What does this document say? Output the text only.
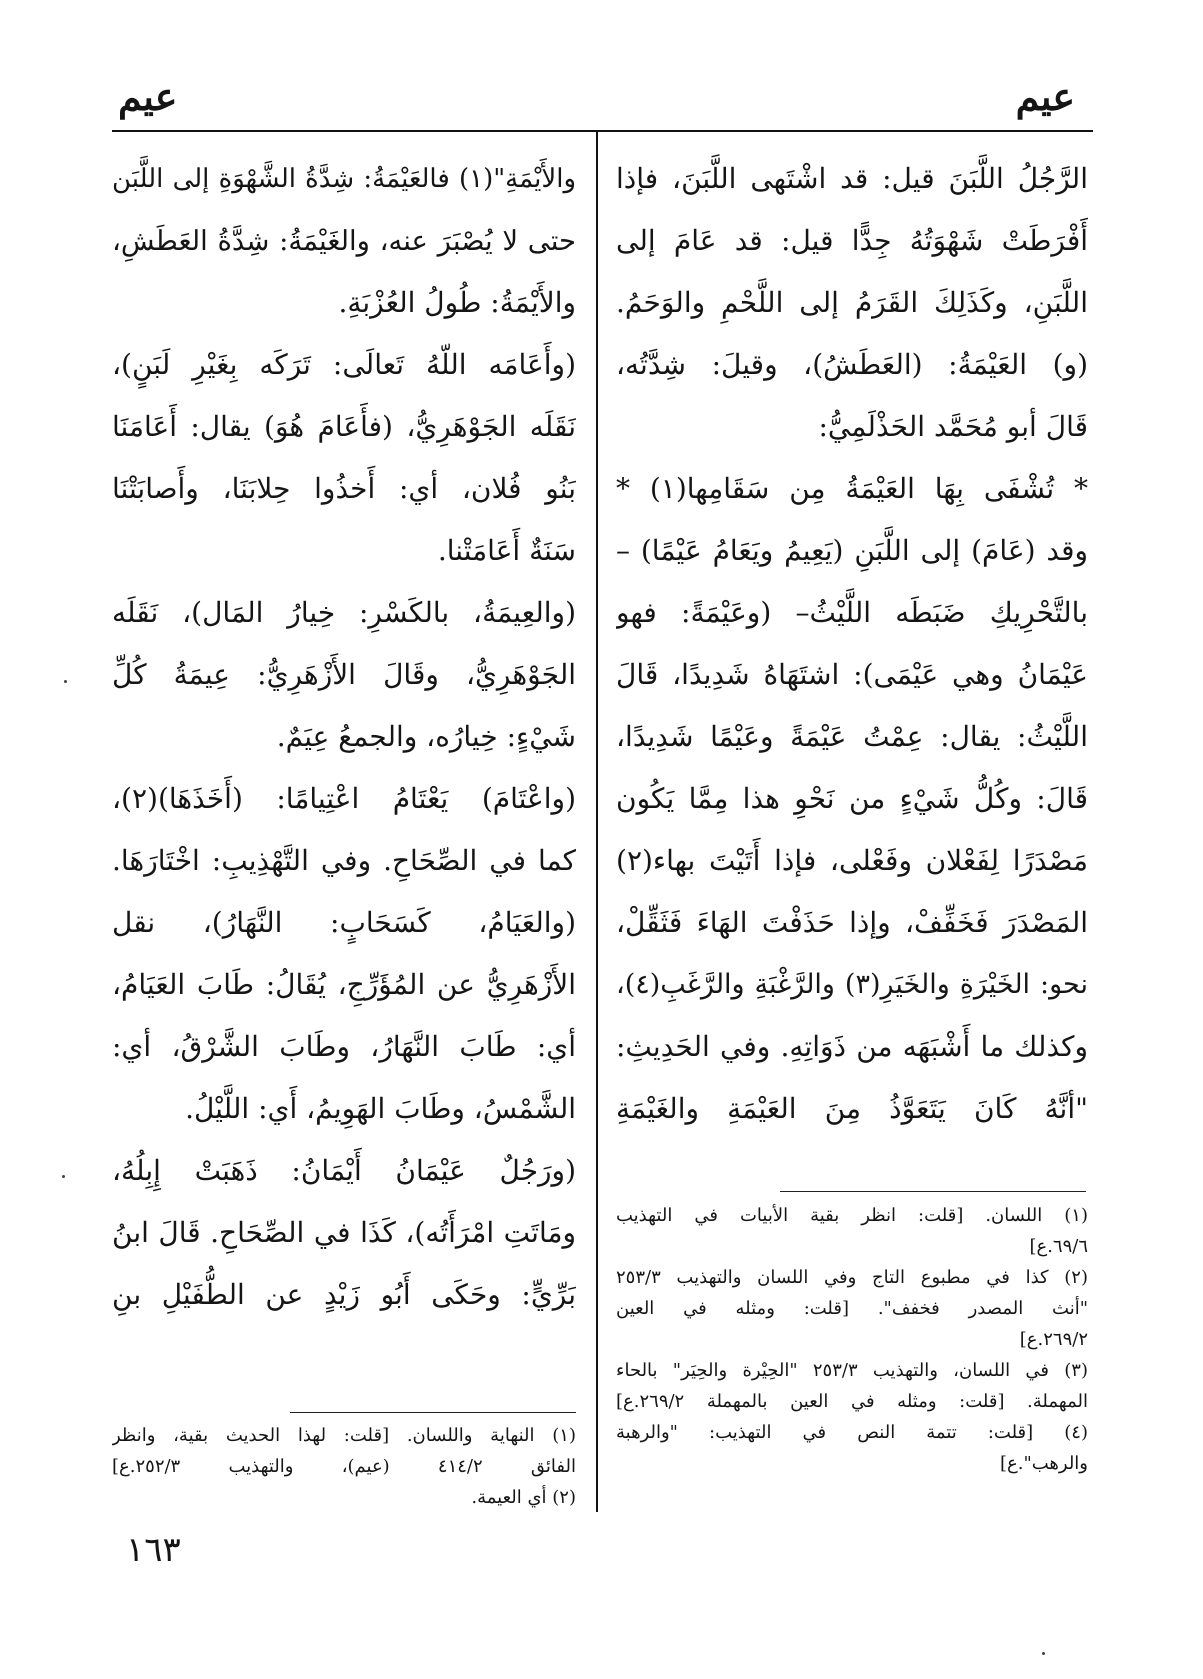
عيم
عيم
الرَّجُلُ اللَّبَنَ قيل: قد اشْتَهى اللَّبَنَ، فإذا
أَفْرَطَتْ شَهْوَتُهُ جِدًّا قيل: قد عَامَ إلى
اللَّبَنِ، وكَذَلِكَ القَرَمُ إلى اللَّحْمِ والوَحَمُ.
(و) العَيْمَةُ: (العَطَشُ)، وقيلَ: شِدَّتُه،
قَالَ أبو مُحَمَّد الحَذْلَمِيُّ:
* تُشْفَى بِهَا العَيْمَةُ مِن سَقَامِها(١) *
وقد (عَامَ) إلى اللَّبَنِ (يَعِيمُ ويَعَامُ عَيْمًا) –
بالتَّحْرِيكِ ضَبَطَه اللَّيْثُ– (وعَيْمَةً: فهو
عَيْمَانُ وهي عَيْمَى): اشتَهَاهُ شَدِيدًا، قَالَ
اللَّيْثُ: يقال: عِمْتُ عَيْمَةً وعَيْمًا شَدِيدًا،
قَالَ: وكُلُّ شَيْءٍ من نَحْوِ هذا مِمَّا يَكُون
مَصْدَرًا لِفَعْلان وفَعْلى، فإذا أَتَيْتَ بهاء(٢)
المَصْدَرَ فَخَفِّفْ، وإذا حَذَفْتَ الهَاءَ فَثَقِّلْ،
نحو: الخَيْرَةِ والخَيَرِ(٣) والرَّغْبَةِ والرَّغَبِ(٤)،
وكذلك ما أَشْبَهَه من ذَوَاتِهِ. وفي الحَدِيثِ:
"أنَّهُ كَانَ يَتَعَوَّذُ مِنَ العَيْمَةِ والغَيْمَةِ
(١) اللسان. [قلت: انظر بقية الأبيات في التهذيب
٦٩/٦.ع]
(٢) كذا في مطبوع التاج وفي اللسان والتهذيب ٢٥٣/٣
"أنث المصدر فخفف". [قلت: ومثله في العين
٢٦٩/٢.ع]
(٣) في اللسان، والتهذيب ٢٥٣/٣ "الحِيْرة والحِيَر" بالحاء
المهملة. [قلت: ومثله في العين بالمهملة ٢٦٩/٢.ع]
(٤) [قلت: تتمة النص في التهذيب: "والرهبة
والرهب".ع]
والأَيْمَةِ"(١) فالعَيْمَةُ: شِدَّةُ الشَّهْوَةِ إلى اللَّبَن
حتى لا يُصْبَرَ عنه، والغَيْمَةُ: شِدَّةُ العَطَشِ،
والأَيْمَةُ: طُولُ العُزْبَةِ.
(وأَعَامَه اللّهُ تَعالَى: تَرَكَه بِغَيْرِ لَبَنٍ)،
نَقَلَه الجَوْهَرِيُّ، (فأَعَامَ هُوَ) يقال: أَعَامَنَا
بَنُو فُلان، أي: أَخذُوا حِلابَنَا، وأَصابَتْنَا
سَنَةٌ أَعَامَتْنا.
(والعِيمَةُ، بالكَسْرِ: خِيارُ المَال)، نَقَلَه
الجَوْهَرِيُّ، وقَالَ الأَزْهَرِيُّ: عِيمَةُ كُلِّ
شَيْءٍ: خِيارُه، والجمعُ عِيَمٌ.
(واعْتَامَ) يَعْتَامُ اعْتِيامًا: (أَخَذَهَا)(٢)،
كما في الصِّحَاحِ. وفي التَّهْذِيبِ: اخْتَارَهَا.
(والعَيَامُ، كَسَحَابٍ: النَّهَارُ)، نقل
الأَزْهَرِيُّ عن المُؤَرِّجِ، يُقَالُ: طَابَ العَيَامُ،
أي: طَابَ النَّهَارُ، وطَابَ الشَّرْقُ، أي:
الشَّمْسُ، وطَابَ الهَوِيمُ، أَي: اللَّيْلُ.
(ورَجُلٌ عَيْمَانُ أَيْمَانُ: ذَهَبَتْ إِبِلُهُ،
ومَاتَتِ امْرَأَتُه)، كَذَا في الصِّحَاحِ. قَالَ ابنُ
بَرِّيٍّ: وحَكَى أَبُو زَيْدٍ عن الطُّفَيْلِ بنِ
(١) النهاية واللسان. [قلت: لهذا الحديث بقية، وانظر
الفائق ٤١٤/٢ (عيم)، والتهذيب ٢٥٢/٣.ع]
(٢) أي العيمة.
١٦٣
